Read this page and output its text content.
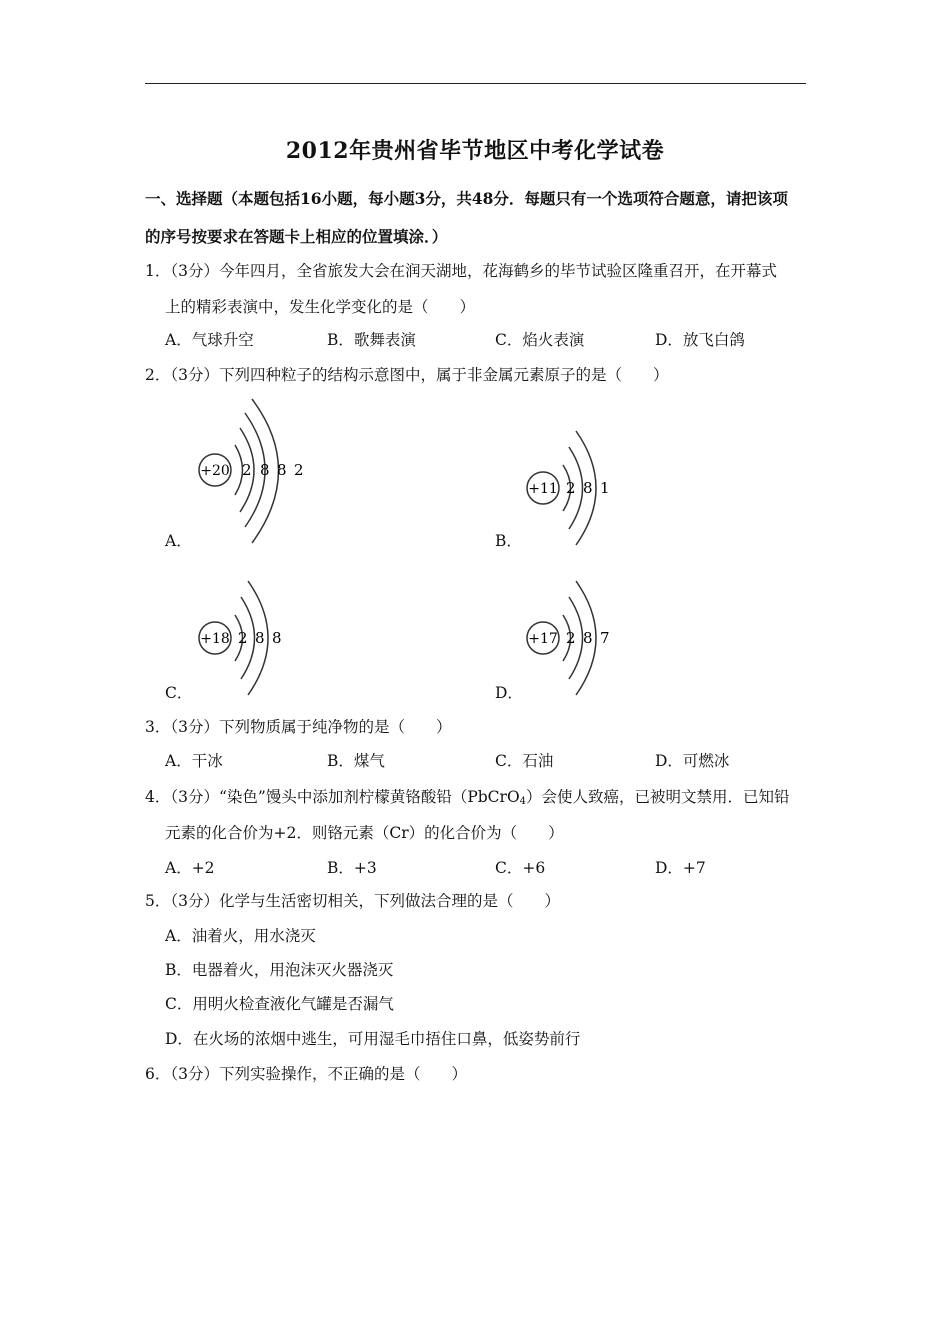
2012年贵州省毕节地区中考化学试卷
一、选择题（本题包括16小题，每小题3分，共48分．每题只有一个选项符合题意，请把该项
的序号按要求在答题卡上相应的位置填涂．）
1．（3分）今年四月，全省旅发大会在润天湖地，花海鹤乡的毕节试验区隆重召开，在开幕式
上的精彩表演中，发生化学变化的是（　　）
A．气球升空	B．歌舞表演	C．焰火表演	D．放飞白鸽
2．（3分）下列四种粒子的结构示意图中，属于非金属元素原子的是（　　）
+20 2 8 8 2
A．
+11 2 8 1
B．
+18 2 8 8
C．
+17 2 8 7
D．
3．（3分）下列物质属于纯净物的是（　　）
A．干冰	B．煤气	C．石油	D．可燃冰
4．（3分）“染色”馒头中添加剂柠檬黄铬酸铅（PbCrO$_4$）会使人致癌，已被明文禁用．已知铅
元素的化合价为+2．则铬元素（Cr）的化合价为（　　）
A．+2	B．+3	C．+6	D．+7
5．（3分）化学与生活密切相关，下列做法合理的是（　　）
A．油着火，用水浇灭
B．电器着火，用泡沫灭火器浇灭
C．用明火检查液化气罐是否漏气
D．在火场的浓烟中逃生，可用湿毛巾捂住口鼻，低姿势前行
6．（3分）下列实验操作，不正确的是（　　）
